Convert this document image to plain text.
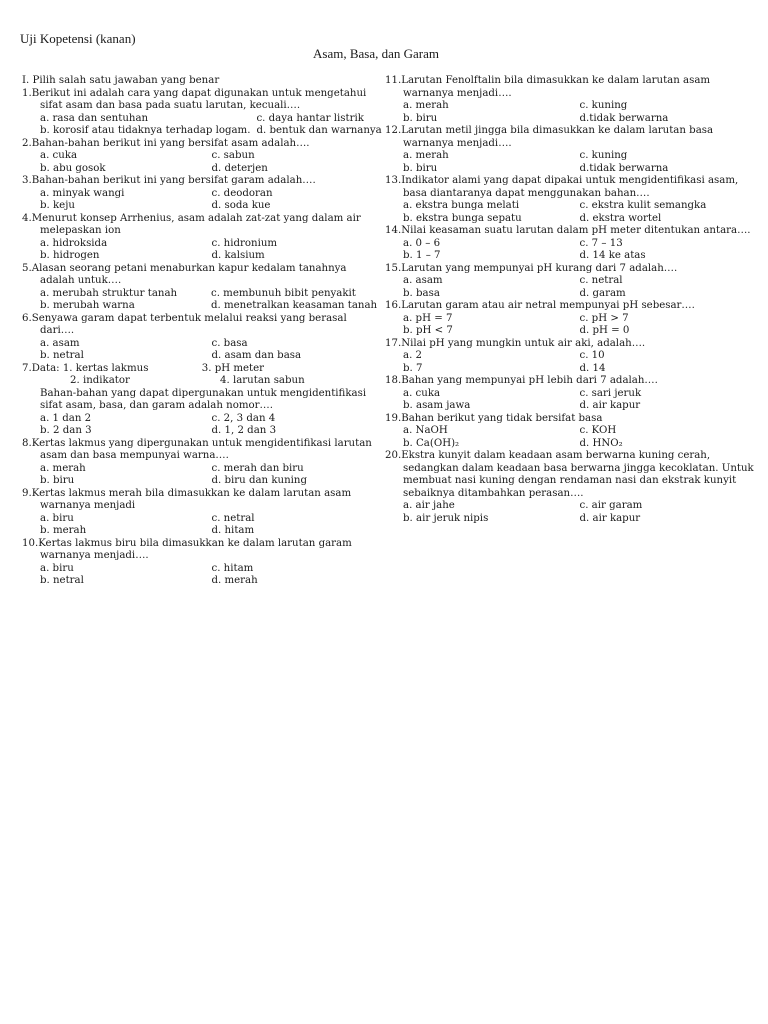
Uji Kopetensi (kanan)
Asam, Basa, dan Garam
I. Pilih salah satu jawaban yang benar
1. Berikut ini adalah cara yang dapat digunakan untuk mengetahui
sifat asam dan basa pada suatu larutan, kecuali….
a. rasa dan sentuhan	c. daya hantar listrik
b. korosif atau tidaknya terhadap logam. d. bentuk dan warnanya
2. Bahan-bahan berikut ini yang bersifat asam adalah….
a. cuka	c. sabun
b. abu gosok	d. deterjen
3. Bahan-bahan berikut ini yang bersifat garam adalah….
a. minyak wangi	c. deodoran
b. keju	d. soda kue
4. Menurut konsep Arrhenius, asam adalah zat-zat yang dalam air
melepaskan ion
a. hidroksida	c. hidronium
b. hidrogen	d. kalsium
5. Alasan seorang petani menaburkan kapur kedalam tanahnya
adalah untuk….
a. merubah struktur tanah	c. membunuh bibit penyakit
b. merubah warna	d. menetralkan keasaman tanah
6. Senyawa garam dapat terbentuk melalui reaksi yang berasal
dari….
a. asam	c. basa
b. netral	d. asam dan basa
7. Data: 1. kertas lakmus	3. pH meter
2. indikator	4. larutan sabun
Bahan-bahan yang dapat dipergunakan untuk mengidentifikasi
sifat asam, basa, dan garam adalah nomor….
a. 1 dan 2	c. 2, 3 dan 4
b. 2 dan 3	d. 1, 2 dan 3
8. Kertas lakmus yang dipergunakan untuk mengidentifikasi larutan
asam dan basa mempunyai warna….
a. merah	c. merah dan biru
b. biru	d. biru dan kuning
9. Kertas lakmus merah bila dimasukkan ke dalam larutan asam
warnanya menjadi
a. biru	c. netral
b. merah	d. hitam
10. Kertas lakmus biru bila dimasukkan ke dalam larutan garam
warnanya menjadi….
a. biru	c. hitam
b. netral	d. merah
11. Larutan Fenolftalin bila dimasukkan ke dalam larutan asam
warnanya menjadi….
a. merah	c. kuning
b. biru	d.tidak berwarna
12. Larutan metil jingga bila dimasukkan ke dalam larutan basa
warnanya menjadi….
a. merah	c. kuning
b. biru	d.tidak berwarna
13. Indikator alami yang dapat dipakai untuk mengidentifikasi asam,
basa diantaranya dapat menggunakan bahan….
a. ekstra bunga melati	c. ekstra kulit semangka
b. ekstra bunga sepatu	d. ekstra wortel
14. Nilai keasaman suatu larutan dalam pH meter ditentukan antara….
a. 0 – 6	c. 7 – 13
b. 1 – 7	d. 14 ke atas
15. Larutan yang mempunyai pH kurang dari 7 adalah….
a. asam	c. netral
b. basa	d. garam
16. Larutan garam atau air netral mempunyai pH sebesar….
a. pH = 7	c. pH > 7
b. pH < 7	d. pH = 0
17. Nilai pH yang mungkin untuk air aki, adalah….
a. 2	c. 10
b. 7	d. 14
18. Bahan yang mempunyai pH lebih dari 7 adalah….
a. cuka	c. sari jeruk
b. asam jawa	d. air kapur
19. Bahan berikut yang tidak bersifat basa
a. NaOH	c. KOH
b. Ca(OH)₂	d. HNO₂
20. Ekstra kunyit dalam keadaan asam berwarna kuning cerah,
sedangkan dalam keadaan basa berwarna jingga kecoklatan. Untuk
membuat nasi kuning dengan rendaman nasi dan ekstrak kunyit
sebaiknya ditambahkan perasan….
a. air jahe	c. air garam
b. air jeruk nipis	d. air kapur
